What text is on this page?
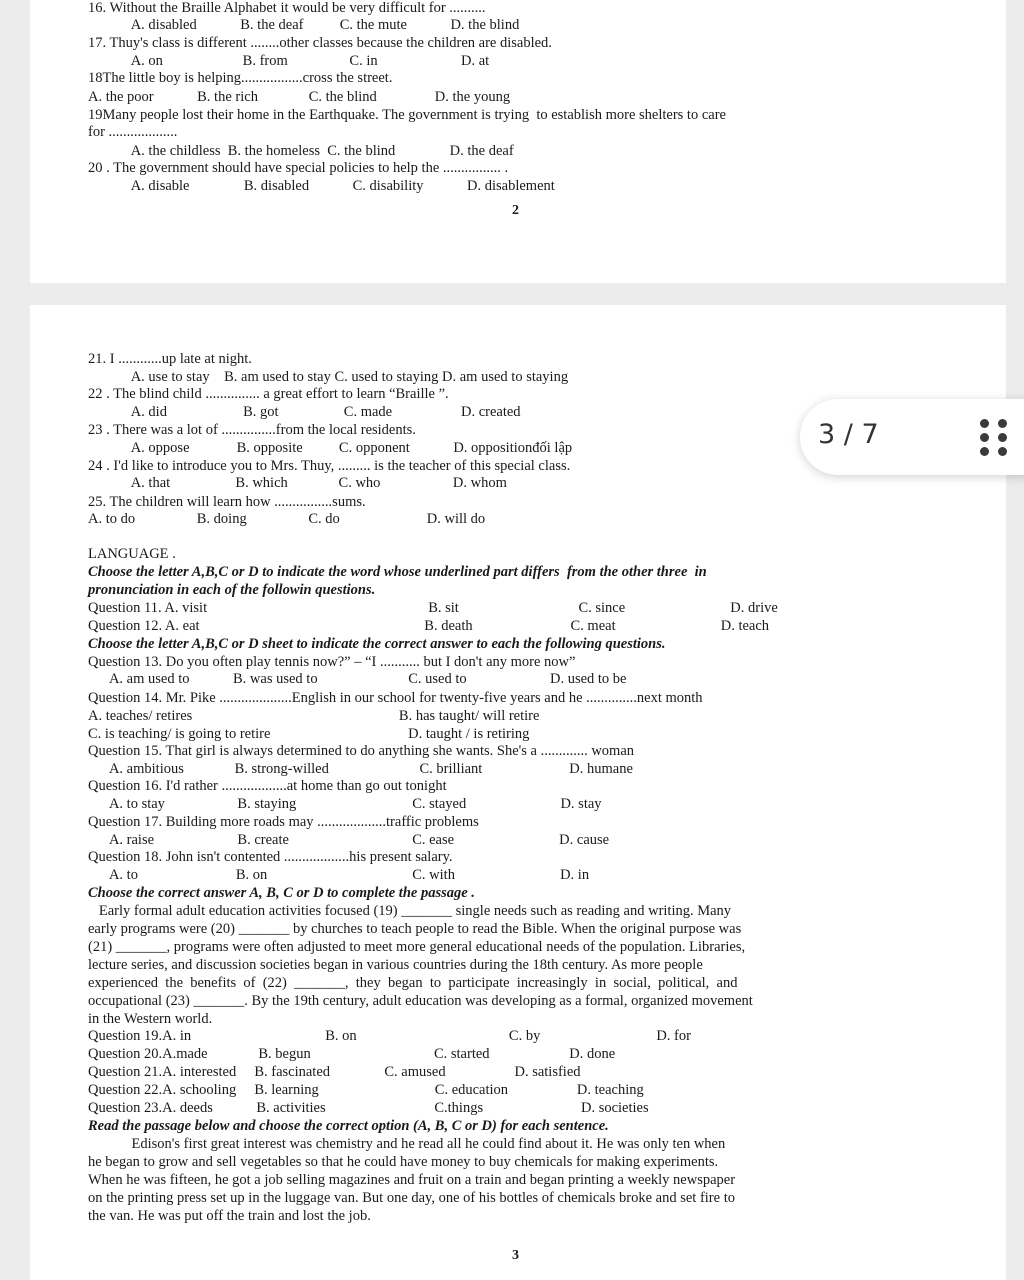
16. Without the Braille Alphabet it would be very difficult for ..........
A. disabled            B. the deaf          C. the mute            D. the blind
17. Thuy's class is different ........other classes because the children are disabled.
A. on                      B. from                 C. in                       D. at
18The little boy is helping.................cross the street.
A. the poor            B. the rich              C. the blind                D. the young
19Many people lost their home in the Earthquake. The government is trying  to establish more shelters to care
for ...................
A. the childless  B. the homeless  C. the blind               D. the deaf
20 . The government should have special policies to help the ................ .
A. disable               B. disabled            C. disability            D. disablement
2
21. I ............up late at night.
A. use to stay    B. am used to stay C. used to staying D. am used to staying
22 . The blind child ............... a great effort to learn “Braille ”.
A. did                     B. got                  C. made                   D. created
23 . There was a lot of ...............from the local residents.
A. oppose             B. opposite          C. opponent            D. oppositionđối lập
24 . I'd like to introduce you to Mrs. Thuy, ......... is the teacher of this special class.
A. that                  B. which              C. who                    D. whom
25. The children will learn how ................sums.
A. to do                 B. doing                 C. do                        D. will do
LANGUAGE .
Choose the letter A,B,C or D to indicate the word whose underlined part differs  from the other three  in
pronunciation in each of the followin questions.
Question 11. A. visit                                                             B. sit                                 C. since                             D. drive
Question 12. A. eat                                                              B. death                           C. meat                             D. teach
Choose the letter A,B,C or D sheet to indicate the correct answer to each the following questions.
Question 13. Do you often play tennis now?” – “I ........... but I don't any more now”
A. am used to            B. was used to                         C. used to                       D. used to be
Question 14. Mr. Pike ....................English in our school for twenty-five years and he ..............next month
A. teaches/ retires                                                         B. has taught/ will retire
C. is teaching/ is going to retire                                      D. taught / is retiring
Question 15. That girl is always determined to do anything she wants. She's a ............. woman
A. ambitious              B. strong-willed                         C. brilliant                        D. humane
Question 16. I'd rather ..................at home than go out tonight
A. to stay                    B. staying                                C. stayed                          D. stay
Question 17. Building more roads may ...................traffic problems
A. raise                       B. create                                  C. ease                             D. cause
Question 18. John isn't contented ..................his present salary.
A. to                           B. on                                        C. with                             D. in
Choose the correct answer A, B, C or D to complete the passage .
Early formal adult education activities focused (19) _______ single needs such as reading and writing. Many
early programs were (20) _______ by churches to teach people to read the Bible. When the original purpose was
(21) _______, programs were often adjusted to meet more general educational needs of the population. Libraries,
lecture series, and discussion societies began in various countries during the 18th century. As more people
experienced  the  benefits  of  (22)  _______,  they  began  to  participate  increasingly  in  social,  political,  and
occupational (23) _______. By the 19th century, adult education was developing as a formal, organized movement
in the Western world.
Question 19.A. in                                     B. on                                          C. by                                D. for
Question 20.A.made              B. begun                                  C. started                      D. done
Question 21.A. interested     B. fascinated               C. amused                   D. satisfied
Question 22.A. schooling     B. learning                                C. education                   D. teaching
Question 23.A. deeds            B. activities                              C.things                           D. societies
Read the passage below and choose the correct option (A, B, C or D) for each sentence.
Edison's first great interest was chemistry and he read all he could find about it. He was only ten when
he began to grow and sell vegetables so that he could have money to buy chemicals for making experiments.
When he was fifteen, he got a job selling magazines and fruit on a train and began printing a weekly newspaper
on the printing press set up in the luggage van. But one day, one of his bottles of chemicals broke and set fire to
the van. He was put off the train and lost the job.
3
3 / 7
